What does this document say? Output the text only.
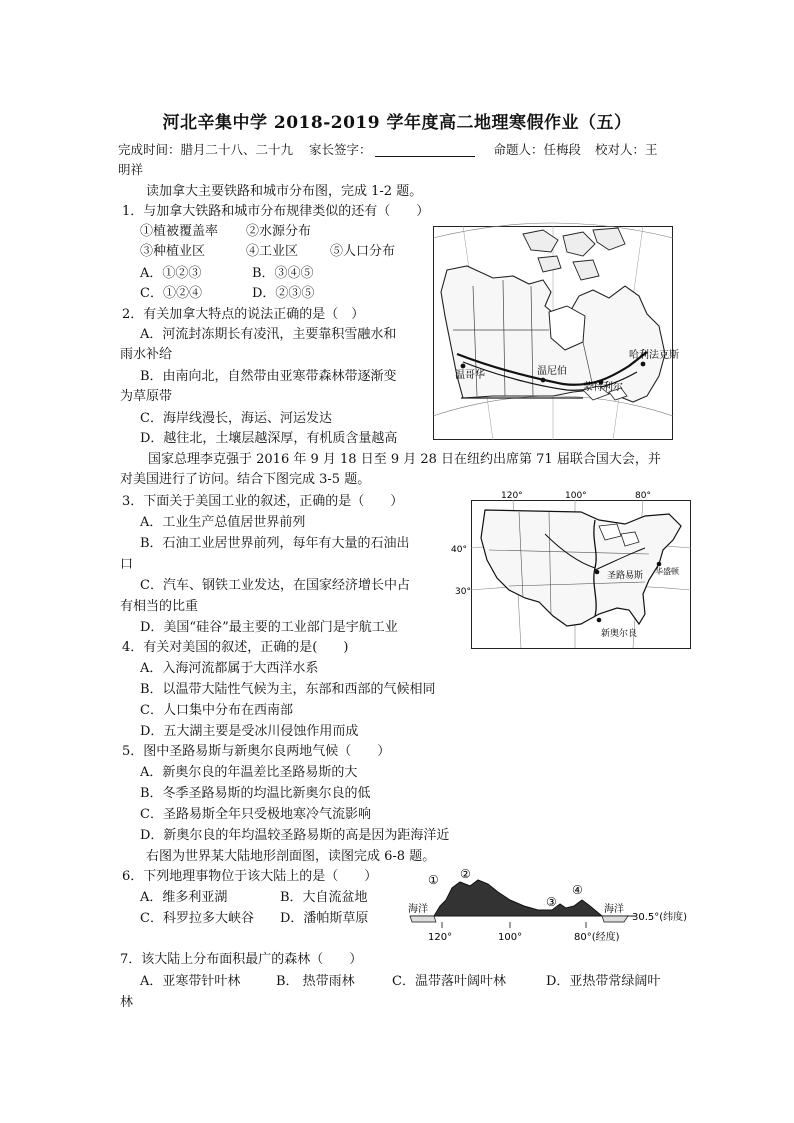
河北辛集中学 2018-2019 学年度高二地理寒假作业（五）
完成时间：腊月二十八、二十九 家长签字：	命题人：任梅段 校对人：王
明祥
读加拿大主要铁路和城市分布图，完成 1-2 题。
1．与加拿大铁路和城市分布规律类似的还有（　　）
①植被覆盖率 ②水源分布
③种植业区	④工业区 ⑤人口分布
A．①②③	B．③④⑤
C．①②④	D．②③⑤
2．有关加拿大特点的说法正确的是（　）
A．河流封冻期长有凌汛，主要靠积雪融水和
雨水补给
B．由南向北，自然带由亚寒带森林带逐渐变
为草原带
C．海岸线漫长，海运、河运发达
D．越往北，土壤层越深厚，有机质含量越高
国家总理李克强于 2016 年 9 月 18 日至 9 月 28 日在纽约出席第 71 届联合国大会，并
对美国进行了访问。结合下图完成 3-5 题。
3．下面关于美国工业的叙述，正确的是（　　）
A．工业生产总值居世界前列
B．石油工业居世界前列，每年有大量的石油出
口
C．汽车、钢铁工业发达，在国家经济增长中占
有相当的比重
D．美国“硅谷”最主要的工业部门是宇航工业
4．有关对美国的叙述，正确的是(　　)
A．入海河流都属于大西洋水系
B．以温带大陆性气候为主，东部和西部的气候相同
C．人口集中分布在西南部
D．五大湖主要是受冰川侵蚀作用而成
5．图中圣路易斯与新奥尔良两地气候（　　）
A．新奥尔良的年温差比圣路易斯的大
B．冬季圣路易斯的均温比新奥尔良的低
C．圣路易斯全年只受极地寒冷气流影响
D．新奥尔良的年均温较圣路易斯的高是因为距海洋近
右图为世界某大陆地形剖面图，读图完成 6-8 题。
6．下列地理事物位于该大陆上的是（　　）
A．维多利亚湖	B．大自流盆地
C．科罗拉多大峡谷 D．潘帕斯草原
7．该大陆上分布面积最广的森林（　　）
A．亚寒带针叶林	B． 热带雨林	C．温带落叶阔叶林	D．亚热带常绿阔叶
林
温哥华	温尼伯
蒙特利尔
哈利法克斯
120°	100°	80°
40°
30°
圣路易斯
新奥尔良
华盛顿
① ②
③
④
海洋	海洋
30.5°(纬度)
120°	100°	80°(经度)
